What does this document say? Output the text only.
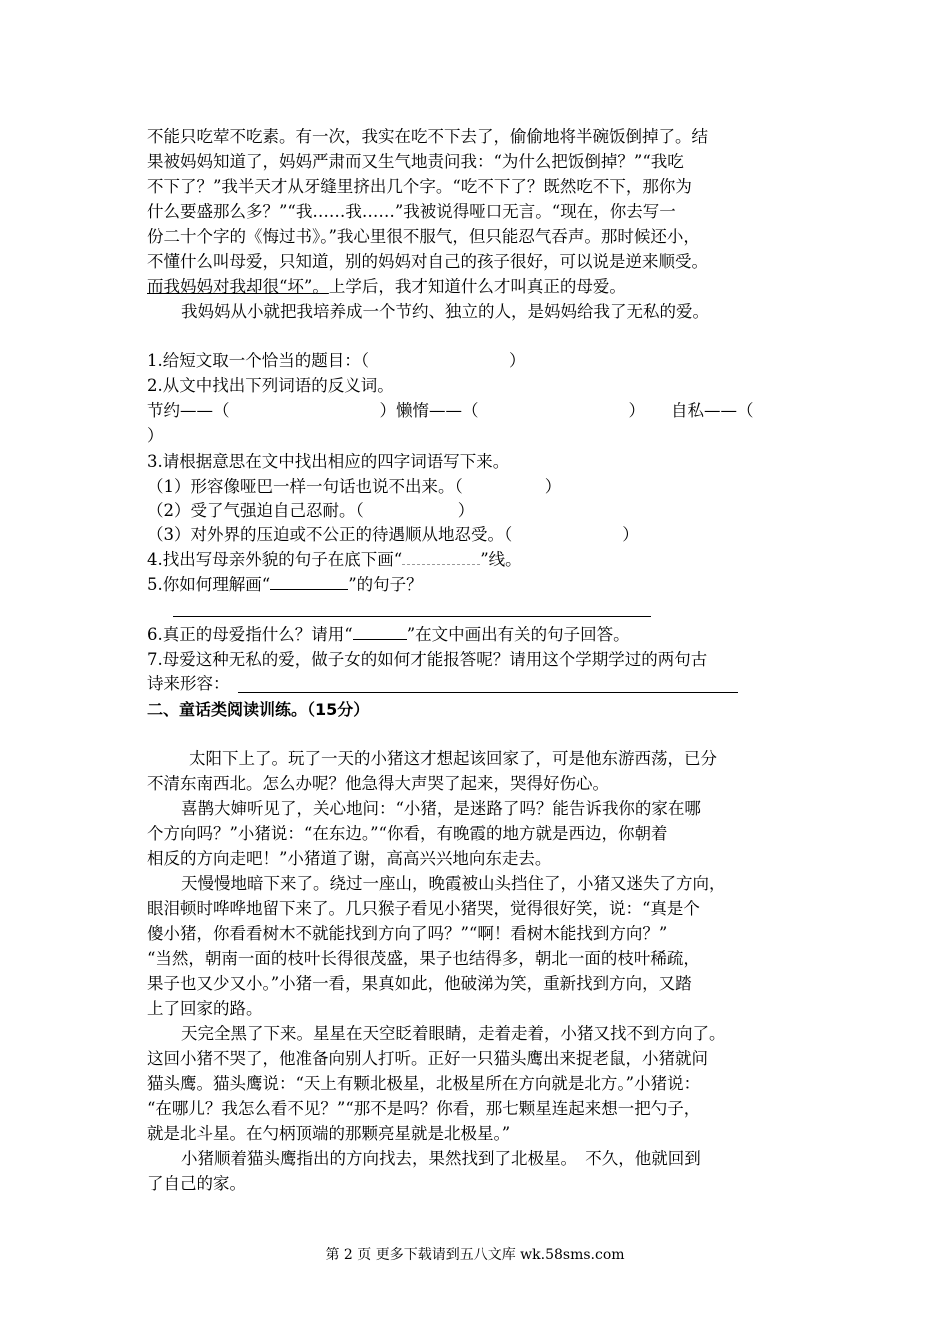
不能只吃荤不吃素。有一次，我实在吃不下去了，偷偷地将半碗饭倒掉了。结
果被妈妈知道了，妈妈严肃而又生气地责问我：“为什么把饭倒掉？”“我吃
不下了？”我半天才从牙缝里挤出几个字。“吃不下了？既然吃不下，那你为
什么要盛那么多？”“我……我……”我被说得哑口无言。“现在，你去写一
份二十个字的《悔过书》。”我心里很不服气，但只能忍气吞声。那时候还小，
不懂什么叫母爱，只知道，别的妈妈对自己的孩子很好，可以说是逆来顺受。
而我妈妈对我却很“坏”。上学后，我才知道什么才叫真正的母爱。
我妈妈从小就把我培养成一个节约、独立的人，是妈妈给我了无私的爱。
1.给短文取一个恰当的题目：（	）
2.从文中找出下列词语的反义词。
节约——（	）懒惰——（	） 自私——（
）
3.请根据意思在文中找出相应的四字词语写下来。
（1）形容像哑巴一样一句话也说不出来。（	）
（2）受了气强迫自己忍耐。（	）
（3）对外界的压迫或不公正的待遇顺从地忍受。（	）
4.找出写母亲外貌的句子在底下画“	”线。
5.你如何理解画“	”的句子？
6.真正的母爱指什么？请用“	”在文中画出有关的句子回答。
7.母爱这种无私的爱，做子女的如何才能报答呢？请用这个学期学过的两句古
诗来形容：
二、童话类阅读训练。（15分）
太阳下上了。玩了一天的小猪这才想起该回家了，可是他东游西荡，已分
不清东南西北。怎么办呢？他急得大声哭了起来，哭得好伤心。
喜鹊大婶听见了，关心地问：“小猪，是迷路了吗？能告诉我你的家在哪
个方向吗？”小猪说：“在东边。”“你看，有晚霞的地方就是西边，你朝着
相反的方向走吧！”小猪道了谢，高高兴兴地向东走去。
天慢慢地暗下来了。绕过一座山，晚霞被山头挡住了，小猪又迷失了方向，
眼泪顿时哗哗地留下来了。几只猴子看见小猪哭，觉得很好笑，说：“真是个
傻小猪，你看看树木不就能找到方向了吗？”“啊！看树木能找到方向？”
“当然，朝南一面的枝叶长得很茂盛，果子也结得多，朝北一面的枝叶稀疏，
果子也又少又小。”小猪一看，果真如此，他破涕为笑，重新找到方向，又踏
上了回家的路。
天完全黑了下来。星星在天空眨着眼睛，走着走着，小猪又找不到方向了。
这回小猪不哭了，他准备向别人打听。正好一只猫头鹰出来捉老鼠，小猪就问
猫头鹰。猫头鹰说：“天上有颗北极星，北极星所在方向就是北方。”小猪说：
“在哪儿？我怎么看不见？”“那不是吗？你看，那七颗星连起来想一把勺子，
就是北斗星。在勺柄顶端的那颗亮星就是北极星。”
小猪顺着猫头鹰指出的方向找去，果然找到了北极星。　不久，他就回到
了自己的家。
第 2 页 更多下载请到五八文库 wk.58sms.com
